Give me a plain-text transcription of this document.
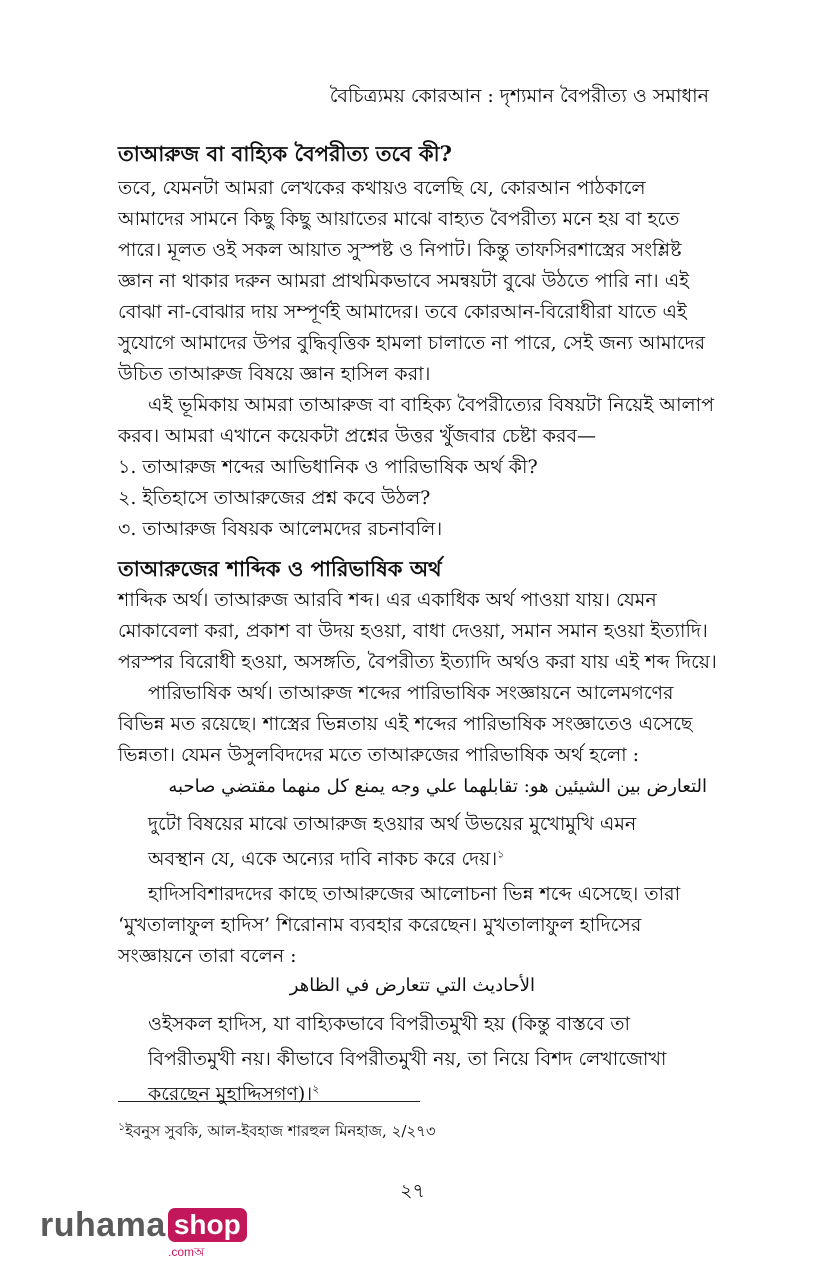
বৈচিত্র্যময় কোরআন : দৃশ্যমান বৈপরীত্য ও সমাধান
তাআরুজ বা বাহ্যিক বৈপরীত্য তবে কী?
তবে, যেমনটা আমরা লেখকের কথায়ও বলেছি যে, কোরআন পাঠকালে
আমাদের সামনে কিছু কিছু আয়াতের মাঝে বাহ্যত বৈপরীত্য মনে হয় বা হতে
পারে। মূলত ওই সকল আয়াত সুস্পষ্ট ও নিপাট। কিন্তু তাফসিরশাস্ত্রের সংশ্লিষ্ট
জ্ঞান না থাকার দরুন আমরা প্রাথমিকভাবে সমন্বয়টা বুঝে উঠতে পারি না। এই
বোঝা না-বোঝার দায় সম্পূর্ণই আমাদের। তবে কোরআন-বিরোধীরা যাতে এই
সুযোগে আমাদের উপর বুদ্ধিবৃত্তিক হামলা চালাতে না পারে, সেই জন্য আমাদের
উচিত তাআরুজ বিষয়ে জ্ঞান হাসিল করা।
এই ভূমিকায় আমরা তাআরুজ বা বাহিক্য বৈপরীত্যের বিষয়টা নিয়েই আলাপ
করব। আমরা এখানে কয়েকটা প্রশ্নের উত্তর খুঁজবার চেষ্টা করব—
১. তাআরুজ শব্দের আভিধানিক ও পারিভাষিক অর্থ কী?
২. ইতিহাসে তাআরুজের প্রশ্ন কবে উঠল?
৩. তাআরুজ বিষয়ক আলেমদের রচনাবলি।
তাআরুজের শাব্দিক ও পারিভাষিক অর্থ
শাব্দিক অর্থ। তাআরুজ আরবি শব্দ। এর একাধিক অর্থ পাওয়া যায়। যেমন
মোকাবেলা করা, প্রকাশ বা উদয় হওয়া, বাধা দেওয়া, সমান সমান হওয়া ইত্যাদি।
পরস্পর বিরোধী হওয়া, অসঙ্গতি, বৈপরীত্য ইত্যাদি অর্থও করা যায় এই শব্দ দিয়ে।
পারিভাষিক অর্থ। তাআরুজ শব্দের পারিভাষিক সংজ্ঞায়নে আলেমগণের
বিভিন্ন মত রয়েছে। শাস্ত্রের ভিন্নতায় এই শব্দের পারিভাষিক সংজ্ঞাতেও এসেছে
ভিন্নতা। যেমন উসুলবিদদের মতে তাআরুজের পারিভাষিক অর্থ হলো :
التعارض بين الشيئين هو: تقابلهما علي وجه يمنع كل منهما مقتضي صاحبه
দুটো বিষয়ের মাঝে তাআরুজ হওয়ার অর্থ উভয়ের মুখোমুখি এমন
অবস্থান যে, একে অন্যের দাবি নাকচ করে দেয়।$^১$
হাদিসবিশারদদের কাছে তাআরুজের আলোচনা ভিন্ন শব্দে এসেছে। তারা
‘মুখতালাফুল হাদিস’ শিরোনাম ব্যবহার করেছেন। মুখতালাফুল হাদিসের
সংজ্ঞায়নে তারা বলেন :
الأحاديث التي تتعارض في الظاهر
ওইসকল হাদিস, যা বাহ্যিকভাবে বিপরীতমুখী হয় (কিন্তু বাস্তবে তা
বিপরীতমুখী নয়। কীভাবে বিপরীতমুখী নয়, তা নিয়ে বিশদ লেখাজোখা
করেছেন মুহাদ্দিসগণ)।$^২$
$^১$ইবনুস সুবকি, আল-ইবহাজ শারহুল মিনহাজ, ২/২৭৩
২৭
ruhama shop
.comঅ
